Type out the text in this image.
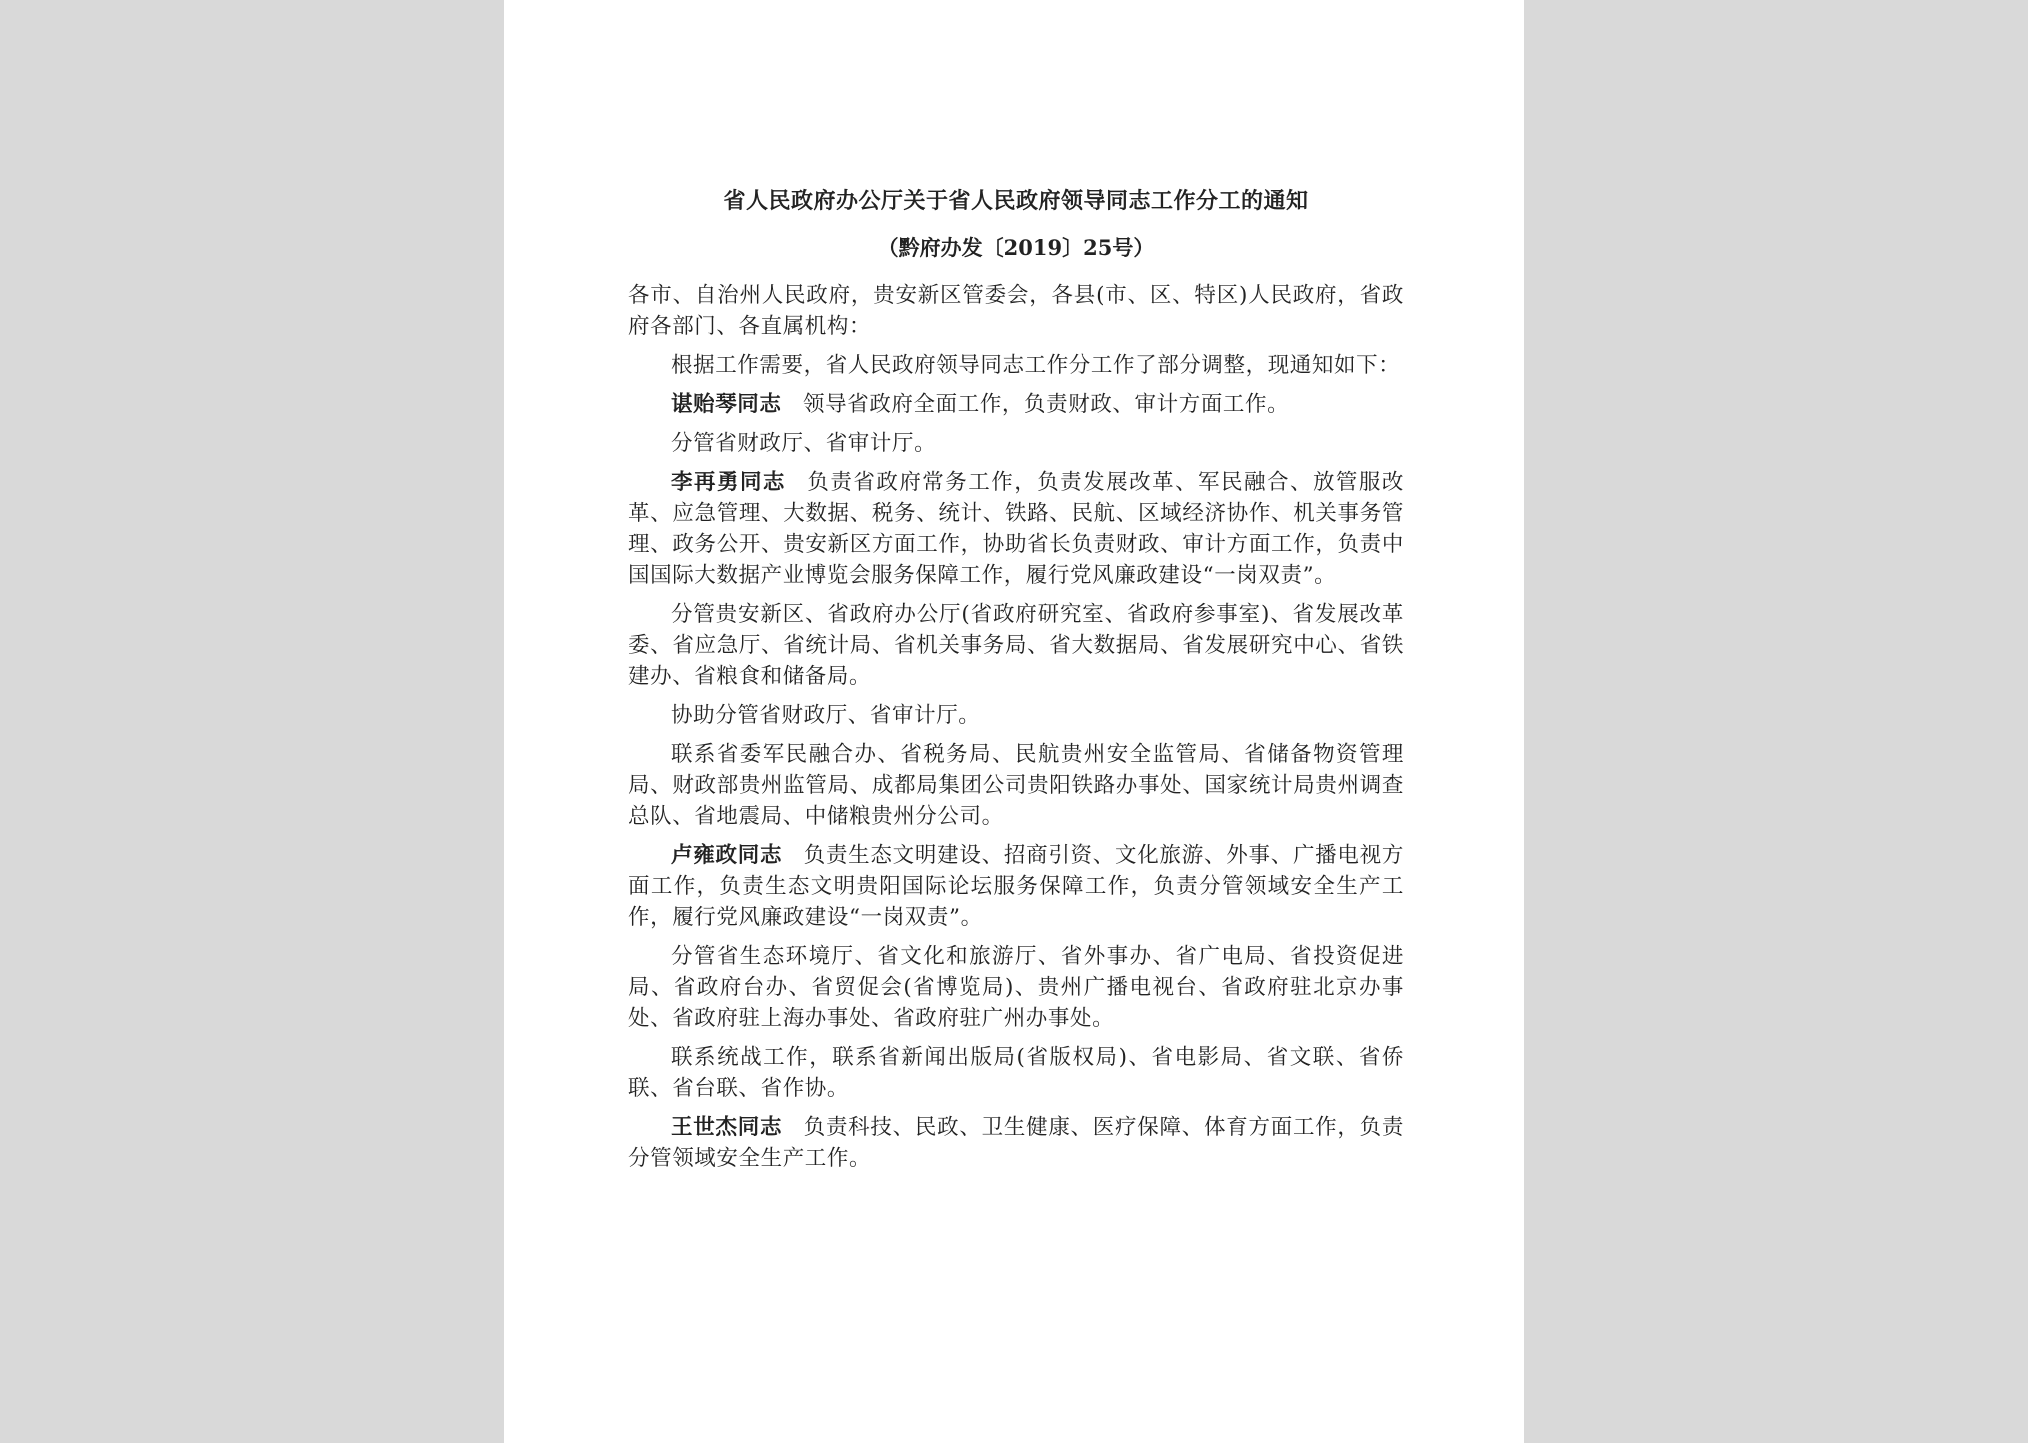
省人民政府办公厅关于省人民政府领导同志工作分工的通知
（黔府办发〔2019〕25号）

各市、自治州人民政府，贵安新区管委会，各县(市、区、特区)人民政府，省政府各部门、各直属机构：

根据工作需要，省人民政府领导同志工作分工作了部分调整，现通知如下：

谌贻琴同志 领导省政府全面工作，负责财政、审计方面工作。

分管省财政厅、省审计厅。

李再勇同志 负责省政府常务工作，负责发展改革、军民融合、放管服改革、应急管理、大数据、税务、统计、铁路、民航、区域经济协作、机关事务管理、政务公开、贵安新区方面工作，协助省长负责财政、审计方面工作，负责中国国际大数据产业博览会服务保障工作，履行党风廉政建设“一岗双责”。

分管贵安新区、省政府办公厅(省政府研究室、省政府参事室)、省发展改革委、省应急厅、省统计局、省机关事务局、省大数据局、省发展研究中心、省铁建办、省粮食和储备局。

协助分管省财政厅、省审计厅。

联系省委军民融合办、省税务局、民航贵州安全监管局、省储备物资管理局、财政部贵州监管局、成都局集团公司贵阳铁路办事处、国家统计局贵州调查总队、省地震局、中储粮贵州分公司。

卢雍政同志 负责生态文明建设、招商引资、文化旅游、外事、广播电视方面工作，负责生态文明贵阳国际论坛服务保障工作，负责分管领域安全生产工作，履行党风廉政建设“一岗双责”。

分管省生态环境厅、省文化和旅游厅、省外事办、省广电局、省投资促进局、省政府台办、省贸促会(省博览局)、贵州广播电视台、省政府驻北京办事处、省政府驻上海办事处、省政府驻广州办事处。

联系统战工作，联系省新闻出版局(省版权局)、省电影局、省文联、省侨联、省台联、省作协。

王世杰同志 负责科技、民政、卫生健康、医疗保障、体育方面工作，负责分管领域安全生产工作。
